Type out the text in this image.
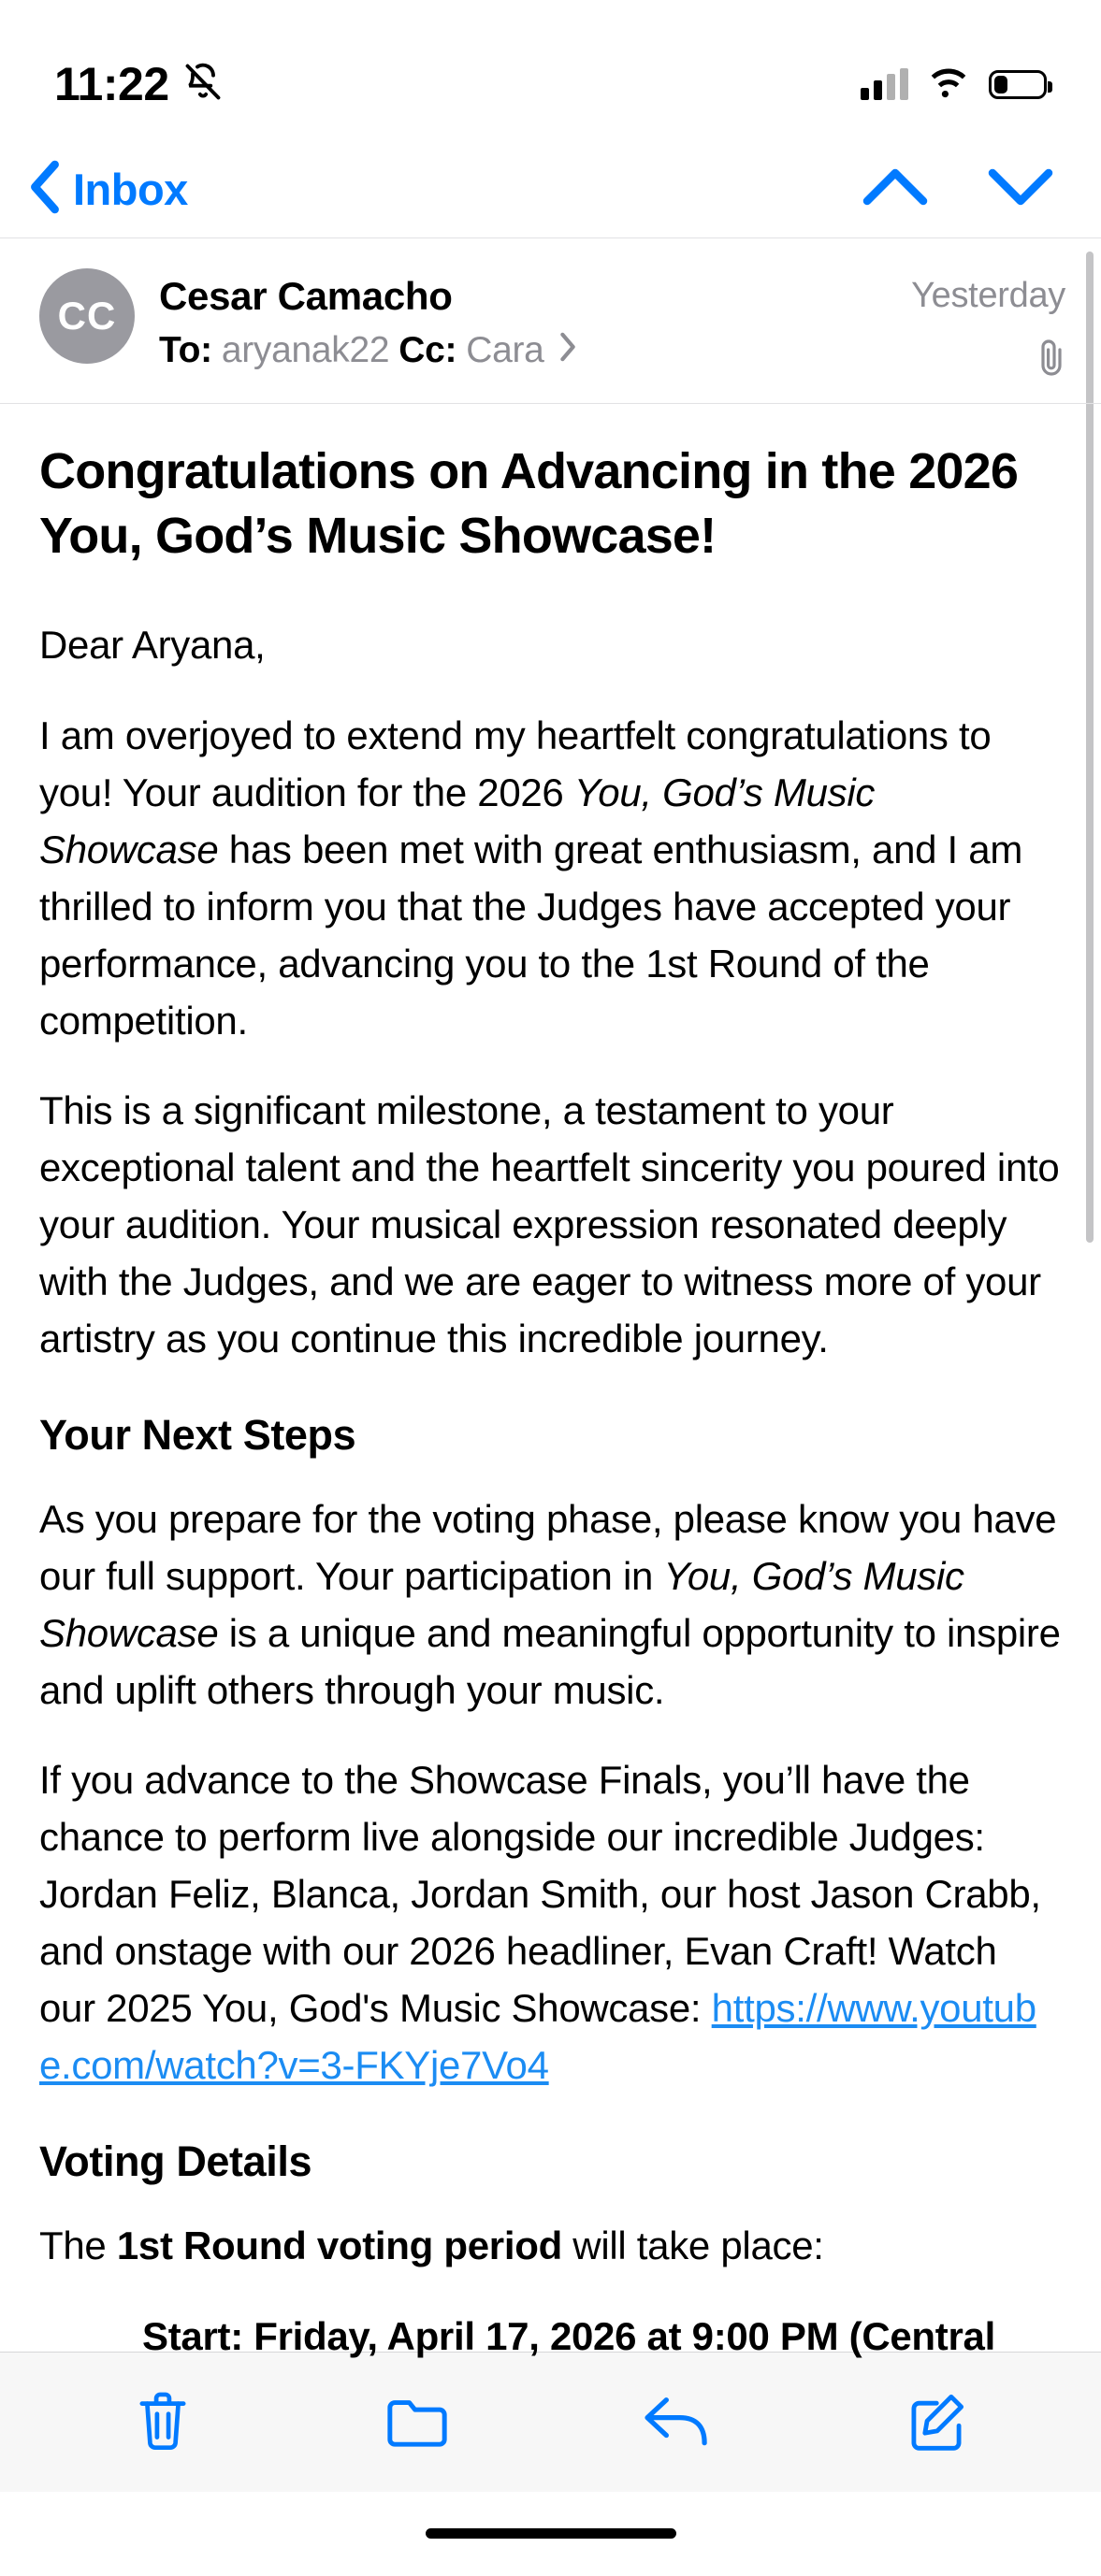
11:22
Inbox
CC	Cesar Camacho
To: aryanak22 Cc: Cara
Yesterday
Congratulations on Advancing in the 2026 You, God’s Music Showcase!

Dear Aryana,

I am overjoyed to extend my heartfelt congratulations to you! Your audition for the 2026 You, God’s Music Showcase has been met with great enthusiasm, and I am thrilled to inform you that the Judges have accepted your performance, advancing you to the 1st Round of the competition.

This is a significant milestone, a testament to your exceptional talent and the heartfelt sincerity you poured into your audition. Your musical expression resonated deeply with the Judges, and we are eager to witness more of your artistry as you continue this incredible journey.

Your Next Steps

As you prepare for the voting phase, please know you have our full support. Your participation in You, God’s Music Showcase is a unique and meaningful opportunity to inspire and uplift others through your music.

If you advance to the Showcase Finals, you’ll have the chance to perform live alongside our incredible Judges: Jordan Feliz, Blanca, Jordan Smith, our host Jason Crabb, and onstage with our 2026 headliner, Evan Craft! Watch our 2025 You, God's Music Showcase: https://www.youtube.com/watch?v=3-FKYje7Vo4

Voting Details

The 1st Round voting period will take place:

Start: Friday, April 17, 2026 at 9:00 PM (Central
